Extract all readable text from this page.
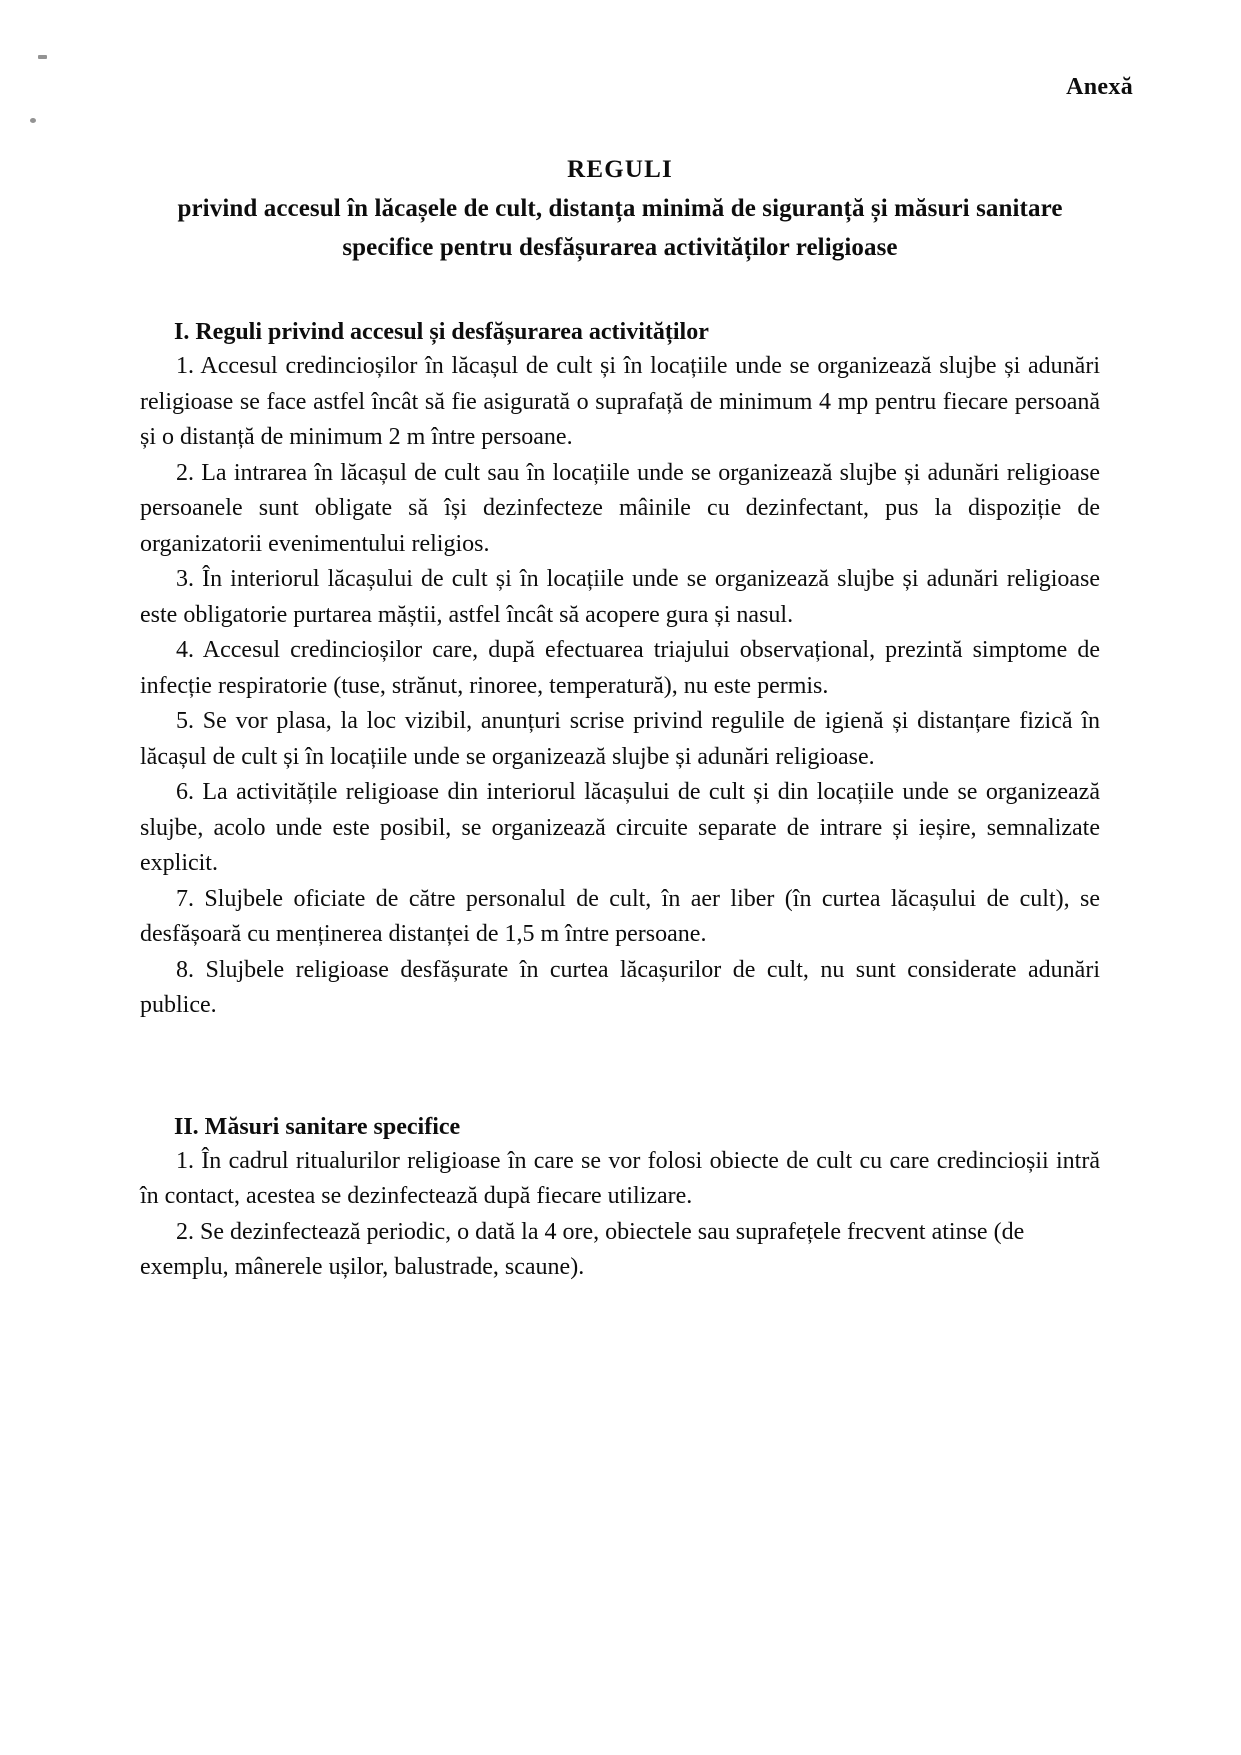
Anexă
REGULI
privind accesul în lăcașele de cult, distanța minimă de siguranță și măsuri sanitare
specifice pentru desfășurarea activităților religioase
I. Reguli privind accesul și desfășurarea activităților

1. Accesul credincioșilor în lăcașul de cult și în locațiile unde se organizează slujbe și adunări religioase se face astfel încât să fie asigurată o suprafață de minimum 4 mp pentru fiecare persoană și o distanță de minimum 2 m între persoane.

2. La intrarea în lăcașul de cult sau în locațiile unde se organizează slujbe și adunări religioase persoanele sunt obligate să își dezinfecteze mâinile cu dezinfectant, pus la dispoziție de organizatorii evenimentului religios.

3. În interiorul lăcașului de cult și în locațiile unde se organizează slujbe și adunări religioase este obligatorie purtarea măștii, astfel încât să acopere gura și nasul.

4. Accesul credincioșilor care, după efectuarea triajului observațional, prezintă simptome de infecție respiratorie (tuse, strănut, rinoree, temperatură), nu este permis.

5. Se vor plasa, la loc vizibil, anunțuri scrise privind regulile de igienă și distanțare fizică în lăcașul de cult și în locațiile unde se organizează slujbe și adunări religioase.

6. La activitățile religioase din interiorul lăcașului de cult și din locațiile unde se organizează slujbe, acolo unde este posibil, se organizează circuite separate de intrare și ieșire, semnalizate explicit.

7. Slujbele oficiate de către personalul de cult, în aer liber (în curtea lăcașului de cult), se desfășoară cu menținerea distanței de 1,5 m între persoane.

8. Slujbele religioase desfășurate în curtea lăcașurilor de cult, nu sunt considerate adunări publice.

II. Măsuri sanitare specifice

1. În cadrul ritualurilor religioase în care se vor folosi obiecte de cult cu care credincioșii intră în contact, acestea se dezinfectează după fiecare utilizare.

2. Se dezinfectează periodic, o dată la 4 ore, obiectele sau suprafețele frecvent atinse (de exemplu, mânerele ușilor, balustrade, scaune).
